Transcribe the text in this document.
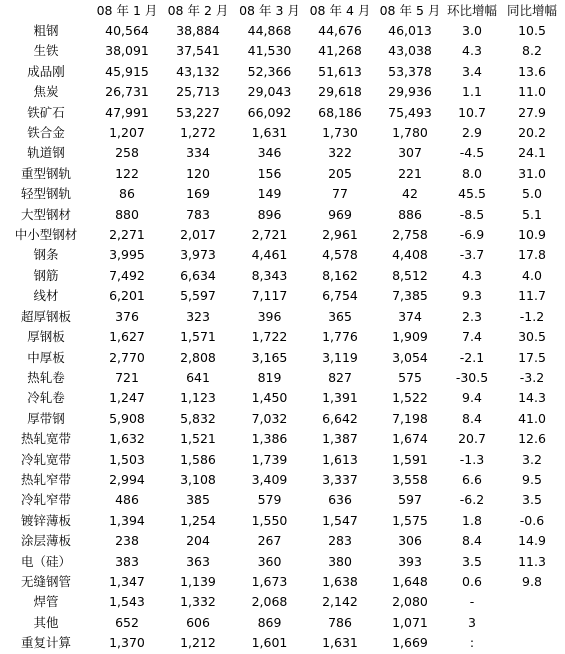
	08 年 1 月	08 年 2 月	08 年 3 月	08 年 4 月	08 年 5 月	环比增幅	同比增幅
粗钢	40,564	38,884	44,868	44,676	46,013	3.0	10.5
生铁	38,091	37,541	41,530	41,268	43,038	4.3	8.2
成品刚	45,915	43,132	52,366	51,613	53,378	3.4	13.6
焦炭	26,731	25,713	29,043	29,618	29,936	1.1	11.0
铁矿石	47,991	53,227	66,092	68,186	75,493	10.7	27.9
铁合金	1,207	1,272	1,631	1,730	1,780	2.9	20.2
轨道钢	258	334	346	322	307	-4.5	24.1
重型钢轨	122	120	156	205	221	8.0	31.0
轻型钢轨	86	169	149	77	42	45.5	5.0
大型钢材	880	783	896	969	886	-8.5	5.1
中小型钢材	2,271	2,017	2,721	2,961	2,758	-6.9	10.9
钢条	3,995	3,973	4,461	4,578	4,408	-3.7	17.8
钢筋	7,492	6,634	8,343	8,162	8,512	4.3	4.0
线材	6,201	5,597	7,117	6,754	7,385	9.3	11.7
超厚钢板	376	323	396	365	374	2.3	-1.2
厚钢板	1,627	1,571	1,722	1,776	1,909	7.4	30.5
中厚板	2,770	2,808	3,165	3,119	3,054	-2.1	17.5
热轧卷	721	641	819	827	575	-30.5	-3.2
冷轧卷	1,247	1,123	1,450	1,391	1,522	9.4	14.3
厚带钢	5,908	5,832	7,032	6,642	7,198	8.4	41.0
热轧宽带	1,632	1,521	1,386	1,387	1,674	20.7	12.6
冷轧宽带	1,503	1,586	1,739	1,613	1,591	-1.3	3.2
热轧窄带	2,994	3,108	3,409	3,337	3,558	6.6	9.5
冷轧窄带	486	385	579	636	597	-6.2	3.5
镀锌薄板	1,394	1,254	1,550	1,547	1,575	1.8	-0.6
涂层薄板	238	204	267	283	306	8.4	14.9
电（硅）	383	363	360	380	393	3.5	11.3
无缝钢管	1,347	1,139	1,673	1,638	1,648	0.6	9.8
焊管	1,543	1,332	2,068	2,142	2,080	-	
其他	652	606	869	786	1,071	3	
重复计算	1,370	1,212	1,601	1,631	1,669	:	
